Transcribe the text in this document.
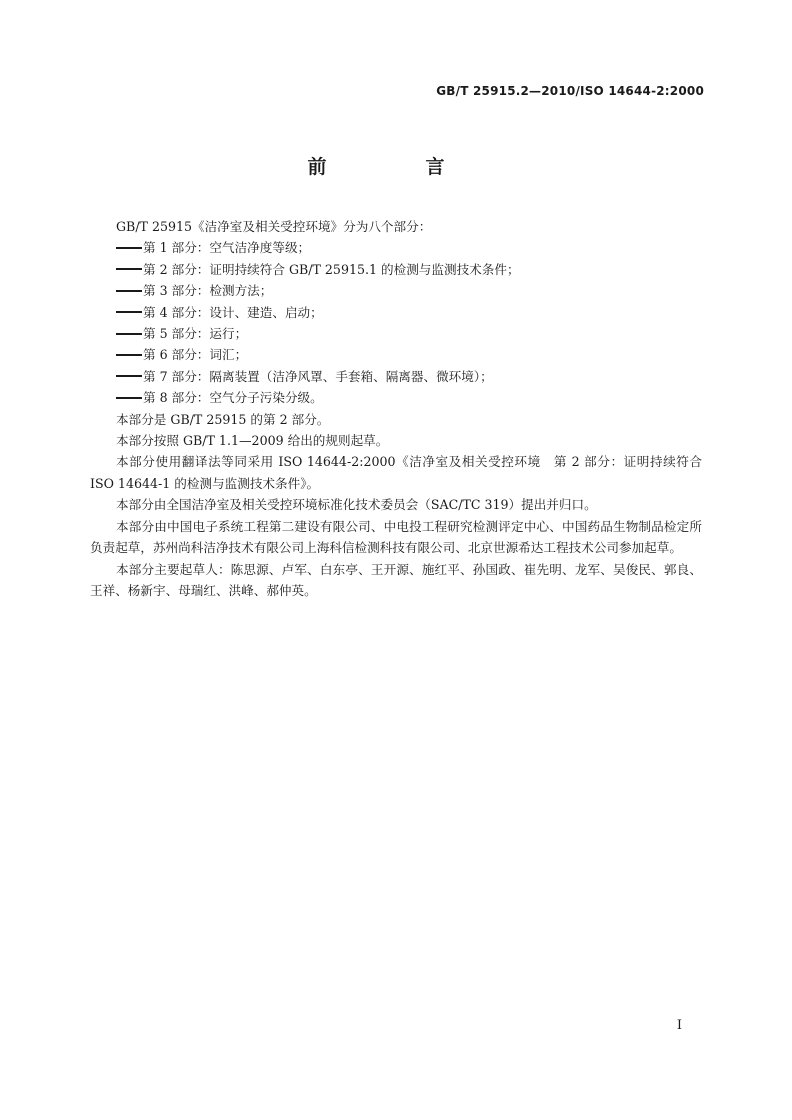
GB/T 25915.2—2010/ISO 14644-2:2000
前　言
GB/T 25915《洁净室及相关受控环境》分为八个部分：
第 1 部分：空气洁净度等级；
第 2 部分：证明持续符合 GB/T 25915.1 的检测与监测技术条件；
第 3 部分：检测方法；
第 4 部分：设计、建造、启动；
第 5 部分：运行；
第 6 部分：词汇；
第 7 部分：隔离装置（洁净风罩、手套箱、隔离器、微环境）；
第 8 部分：空气分子污染分级。
本部分是 GB/T 25915 的第 2 部分。
本部分按照 GB/T 1.1—2009 给出的规则起草。
本部分使用翻译法等同采用 ISO 14644-2:2000《洁净室及相关受控环境　第 2 部分：证明持续符合 ISO 14644-1 的检测与监测技术条件》。
本部分由全国洁净室及相关受控环境标准化技术委员会（SAC/TC 319）提出并归口。
本部分由中国电子系统工程第二建设有限公司、中电投工程研究检测评定中心、中国药品生物制品检定所负责起草，苏州尚科洁净技术有限公司上海科信检测科技有限公司、北京世源希达工程技术公司参加起草。
本部分主要起草人：陈思源、卢军、白东亭、王开源、施红平、孙国政、崔先明、龙军、吴俊民、郭良、王祥、杨新宇、母瑞红、洪峰、郝仲英。
I
